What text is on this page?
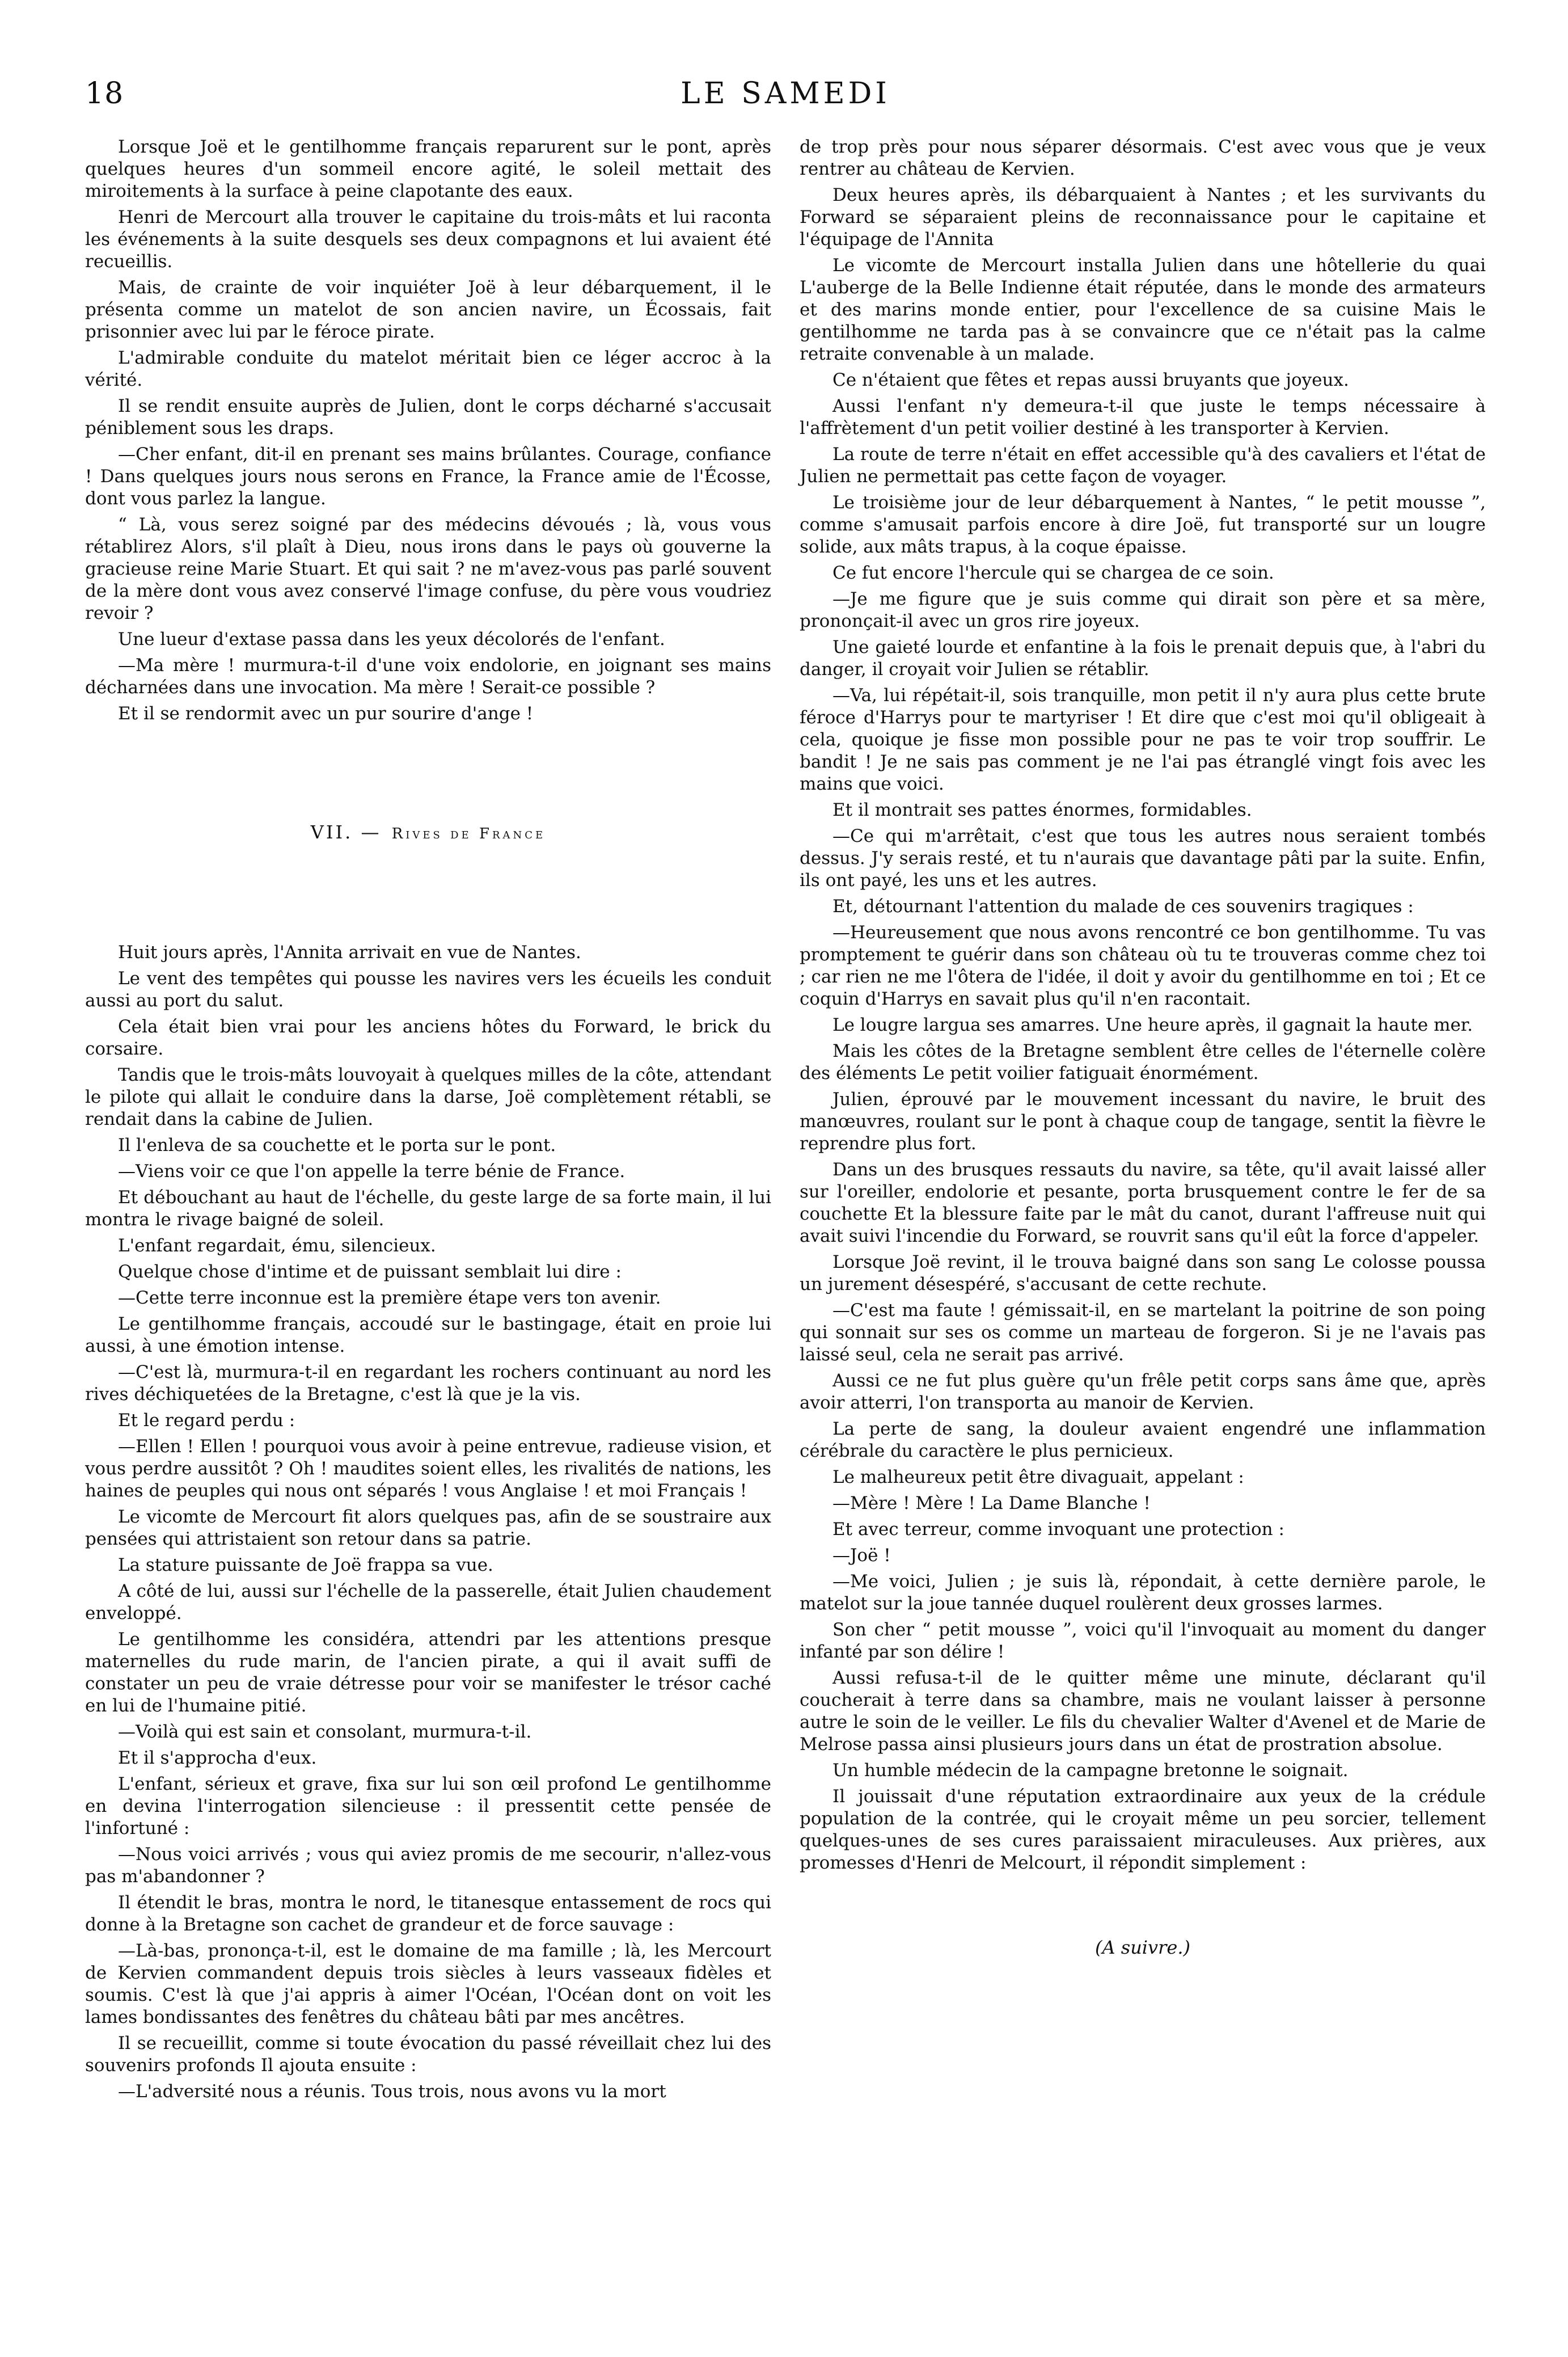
18	LE SAMEDI

Lorsque Joë et le gentilhomme français reparurent sur le pont, après quelques heures d'un sommeil encore agité, le soleil mettait des miroitements à la surface à peine clapotante des eaux.

Henri de Mercourt alla trouver le capitaine du trois-mâts et lui raconta les événements à la suite desquels ses deux compagnons et lui avaient été recueillis.

Mais, de crainte de voir inquiéter Joë à leur débarquement, il le présenta comme un matelot de son ancien navire, un Écossais, fait prisonnier avec lui par le féroce pirate.

L'admirable conduite du matelot méritait bien ce léger accroc à la vérité.

Il se rendit ensuite auprès de Julien, dont le corps décharné s'accusait péniblement sous les draps.

—Cher enfant, dit-il en prenant ses mains brûlantes. Courage, confiance ! Dans quelques jours nous serons en France, la France amie de l'Écosse, dont vous parlez la langue.

“ Là, vous serez soigné par des médecins dévoués ; là, vous vous rétablirez Alors, s'il plaît à Dieu, nous irons dans le pays où gouverne la gracieuse reine Marie Stuart. Et qui sait ? ne m'avez-vous pas parlé souvent de la mère dont vous avez conservé l'image confuse, du père vous voudriez revoir ?

Une lueur d'extase passa dans les yeux décolorés de l'enfant.

—Ma mère ! murmura-t-il d'une voix endolorie, en joignant ses mains décharnées dans une invocation. Ma mère ! Serait-ce possible ?

Et il se rendormit avec un pur sourire d'ange !

VII. — Rives de France

Huit jours après, l'Annita arrivait en vue de Nantes.

Le vent des tempêtes qui pousse les navires vers les écueils les conduit aussi au port du salut.

Cela était bien vrai pour les anciens hôtes du Forward, le brick du corsaire.

Tandis que le trois-mâts louvoyait à quelques milles de la côte, attendant le pilote qui allait le conduire dans la darse, Joë complètement rétabli, se rendait dans la cabine de Julien.

Il l'enleva de sa couchette et le porta sur le pont.

—Viens voir ce que l'on appelle la terre bénie de France.

Et débouchant au haut de l'échelle, du geste large de sa forte main, il lui montra le rivage baigné de soleil.

L'enfant regardait, ému, silencieux.

Quelque chose d'intime et de puissant semblait lui dire :

—Cette terre inconnue est la première étape vers ton avenir.

Le gentilhomme français, accoudé sur le bastingage, était en proie lui aussi, à une émotion intense.

—C'est là, murmura-t-il en regardant les rochers continuant au nord les rives déchiquetées de la Bretagne, c'est là que je la vis.

Et le regard perdu :

—Ellen ! Ellen ! pourquoi vous avoir à peine entrevue, radieuse vision, et vous perdre aussitôt ? Oh ! maudites soient elles, les rivalités de nations, les haines de peuples qui nous ont séparés ! vous Anglaise ! et moi Français !

Le vicomte de Mercourt fit alors quelques pas, afin de se soustraire aux pensées qui attristaient son retour dans sa patrie.

La stature puissante de Joë frappa sa vue.

A côté de lui, aussi sur l'échelle de la passerelle, était Julien chaudement enveloppé.

Le gentilhomme les considéra, attendri par les attentions presque maternelles du rude marin, de l'ancien pirate, a qui il avait suffi de constater un peu de vraie détresse pour voir se manifester le trésor caché en lui de l'humaine pitié.

—Voilà qui est sain et consolant, murmura-t-il.

Et il s'approcha d'eux.

L'enfant, sérieux et grave, fixa sur lui son œil profond Le gentilhomme en devina l'interrogation silencieuse : il pressentit cette pensée de l'infortuné :

—Nous voici arrivés ; vous qui aviez promis de me secourir, n'allez-vous pas m'abandonner ?

Il étendit le bras, montra le nord, le titanesque entassement de rocs qui donne à la Bretagne son cachet de grandeur et de force sauvage :

—Là-bas, prononça-t-il, est le domaine de ma famille ; là, les Mercourt de Kervien commandent depuis trois siècles à leurs vasseaux fidèles et soumis. C'est là que j'ai appris à aimer l'Océan, l'Océan dont on voit les lames bondissantes des fenêtres du château bâti par mes ancêtres.

Il se recueillit, comme si toute évocation du passé réveillait chez lui des souvenirs profonds Il ajouta ensuite :

—L'adversité nous a réunis. Tous trois, nous avons vu la mort

de trop près pour nous séparer désormais. C'est avec vous que je veux rentrer au château de Kervien.

Deux heures après, ils débarquaient à Nantes ; et les survivants du Forward se séparaient pleins de reconnaissance pour le capitaine et l'équipage de l'Annita

Le vicomte de Mercourt installa Julien dans une hôtellerie du quai L'auberge de la Belle Indienne était réputée, dans le monde des armateurs et des marins monde entier, pour l'excellence de sa cuisine Mais le gentilhomme ne tarda pas à se convaincre que ce n'était pas la calme retraite convenable à un malade.

Ce n'étaient que fêtes et repas aussi bruyants que joyeux.

Aussi l'enfant n'y demeura-t-il que juste le temps nécessaire à l'affrètement d'un petit voilier destiné à les transporter à Kervien.

La route de terre n'était en effet accessible qu'à des cavaliers et l'état de Julien ne permettait pas cette façon de voyager.

Le troisième jour de leur débarquement à Nantes, “ le petit mousse ”, comme s'amusait parfois encore à dire Joë, fut transporté sur un lougre solide, aux mâts trapus, à la coque épaisse.

Ce fut encore l'hercule qui se chargea de ce soin.

—Je me figure que je suis comme qui dirait son père et sa mère, prononçait-il avec un gros rire joyeux.

Une gaieté lourde et enfantine à la fois le prenait depuis que, à l'abri du danger, il croyait voir Julien se rétablir.

—Va, lui répétait-il, sois tranquille, mon petit il n'y aura plus cette brute féroce d'Harrys pour te martyriser ! Et dire que c'est moi qu'il obligeait à cela, quoique je fisse mon possible pour ne pas te voir trop souffrir. Le bandit ! Je ne sais pas comment je ne l'ai pas étranglé vingt fois avec les mains que voici.

Et il montrait ses pattes énormes, formidables.

—Ce qui m'arrêtait, c'est que tous les autres nous seraient tombés dessus. J'y serais resté, et tu n'aurais que davantage pâti par la suite. Enfin, ils ont payé, les uns et les autres.

Et, détournant l'attention du malade de ces souvenirs tragiques :

—Heureusement que nous avons rencontré ce bon gentilhomme. Tu vas promptement te guérir dans son château où tu te trouveras comme chez toi ; car rien ne me l'ôtera de l'idée, il doit y avoir du gentilhomme en toi ; Et ce coquin d'Harrys en savait plus qu'il n'en racontait.

Le lougre largua ses amarres. Une heure après, il gagnait la haute mer.

Mais les côtes de la Bretagne semblent être celles de l'éternelle colère des éléments Le petit voilier fatiguait énormément.

Julien, éprouvé par le mouvement incessant du navire, le bruit des manœuvres, roulant sur le pont à chaque coup de tangage, sentit la fièvre le reprendre plus fort.

Dans un des brusques ressauts du navire, sa tête, qu'il avait laissé aller sur l'oreiller, endolorie et pesante, porta brusquement contre le fer de sa couchette Et la blessure faite par le mât du canot, durant l'affreuse nuit qui avait suivi l'incendie du Forward, se rouvrit sans qu'il eût la force d'appeler.

Lorsque Joë revint, il le trouva baigné dans son sang Le colosse poussa un jurement désespéré, s'accusant de cette rechute.

—C'est ma faute ! gémissait-il, en se martelant la poitrine de son poing qui sonnait sur ses os comme un marteau de forgeron. Si je ne l'avais pas laissé seul, cela ne serait pas arrivé.

Aussi ce ne fut plus guère qu'un frêle petit corps sans âme que, après avoir atterri, l'on transporta au manoir de Kervien.

La perte de sang, la douleur avaient engendré une inflammation cérébrale du caractère le plus pernicieux.

Le malheureux petit être divaguait, appelant :

—Mère ! Mère ! La Dame Blanche !

Et avec terreur, comme invoquant une protection :

—Joë !

—Me voici, Julien ; je suis là, répondait, à cette dernière parole, le matelot sur la joue tannée duquel roulèrent deux grosses larmes.

Son cher “ petit mousse ”, voici qu'il l'invoquait au moment du danger infanté par son délire !

Aussi refusa-t-il de le quitter même une minute, déclarant qu'il coucherait à terre dans sa chambre, mais ne voulant laisser à personne autre le soin de le veiller. Le fils du chevalier Walter d'Avenel et de Marie de Melrose passa ainsi plusieurs jours dans un état de prostration absolue.

Un humble médecin de la campagne bretonne le soignait.

Il jouissait d'une réputation extraordinaire aux yeux de la crédule population de la contrée, qui le croyait même un peu sorcier, tellement quelques-unes de ses cures paraissaient miraculeuses. Aux prières, aux promesses d'Henri de Melcourt, il répondit simplement :

(A suivre.)
